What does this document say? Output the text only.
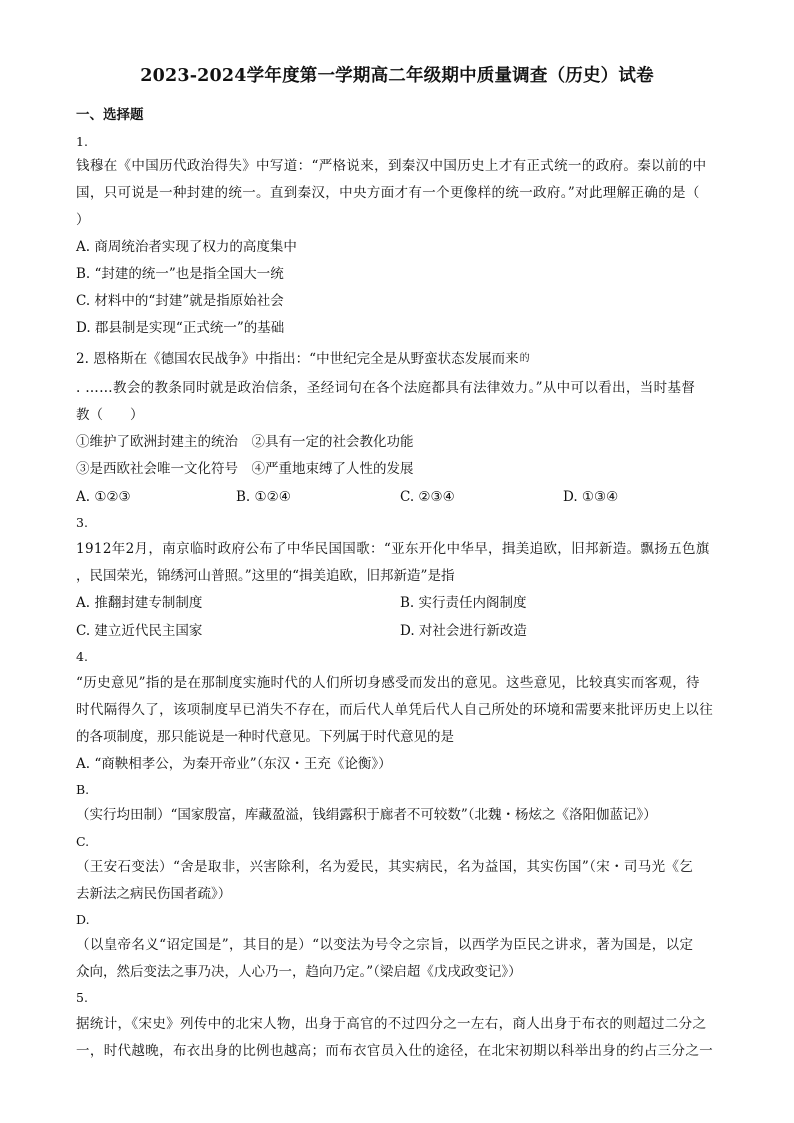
2023-2024学年度第一学期高二年级期中质量调查（历史）试卷
一、选择题
1.
钱穆在《中国历代政治得失》中写道：“严格说来，到秦汉中国历史上才有正式统一的政府。秦以前的中
国，只可说是一种封建的统一。直到秦汉，中央方面才有一个更像样的统一政府。”对此理解正确的是（
）
A. 商周统治者实现了权力的高度集中
B. “封建的统一”也是指全国大一统
C. 材料中的“封建”就是指原始社会
D. 郡县制是实现“正式统一”的基础
2. 恩格斯在《德国农民战争》中指出：“中世纪完全是从野蛮状态发展而来$^的$
. ……教会的教条同时就是政治信条，圣经词句在各个法庭都具有法律效力。”从中可以看出，当时基督
教（　　）
①维护了欧洲封建主的统治　②具有一定的社会教化功能
③是西欧社会唯一文化符号　④严重地束缚了人性的发展
A. ①②③	B. ①②④	C. ②③④	D. ①③④
3.
1912年2月，南京临时政府公布了中华民国国歌：“亚东开化中华早，揖美追欧，旧邦新造。飘扬五色旗
，民国荣光，锦绣河山普照。”这里的“揖美追欧，旧邦新造”是指
A. 推翻封建专制制度	B. 实行责任内阁制度
C. 建立近代民主国家	D. 对社会进行新改造
4.
“历史意见”指的是在那制度实施时代的人们所切身感受而发出的意见。这些意见，比较真实而客观，待
时代隔得久了，该项制度早已消失不存在，而后代人单凭后代人自己所处的环境和需要来批评历史上以往
的各项制度，那只能说是一种时代意见。下列属于时代意见的是
A. “商鞅相孝公，为秦开帝业”（东汉・王充《论衡》）
B.
（实行均田制）“国家殷富，库藏盈溢，钱绢露积于廊者不可较数”（北魏・杨炫之《洛阳伽蓝记》）
C.
（王安石变法）“舍是取非，兴害除利，名为爱民，其实病民，名为益国，其实伤国”（宋・司马光《乞
去新法之病民伤国者疏》）
D.
（以皇帝名义“诏定国是”，其目的是）“以变法为号令之宗旨，以西学为臣民之讲求，著为国是，以定
众向，然后变法之事乃决，人心乃一，趋向乃定。”（梁启超《戊戌政变记》）
5.
据统计，《宋史》列传中的北宋人物，出身于高官的不过四分之一左右，商人出身于布衣的则超过二分之
一，时代越晚，布衣出身的比例也越高；而布衣官员入仕的途径，在北宋初期以科举出身的约占三分之一
